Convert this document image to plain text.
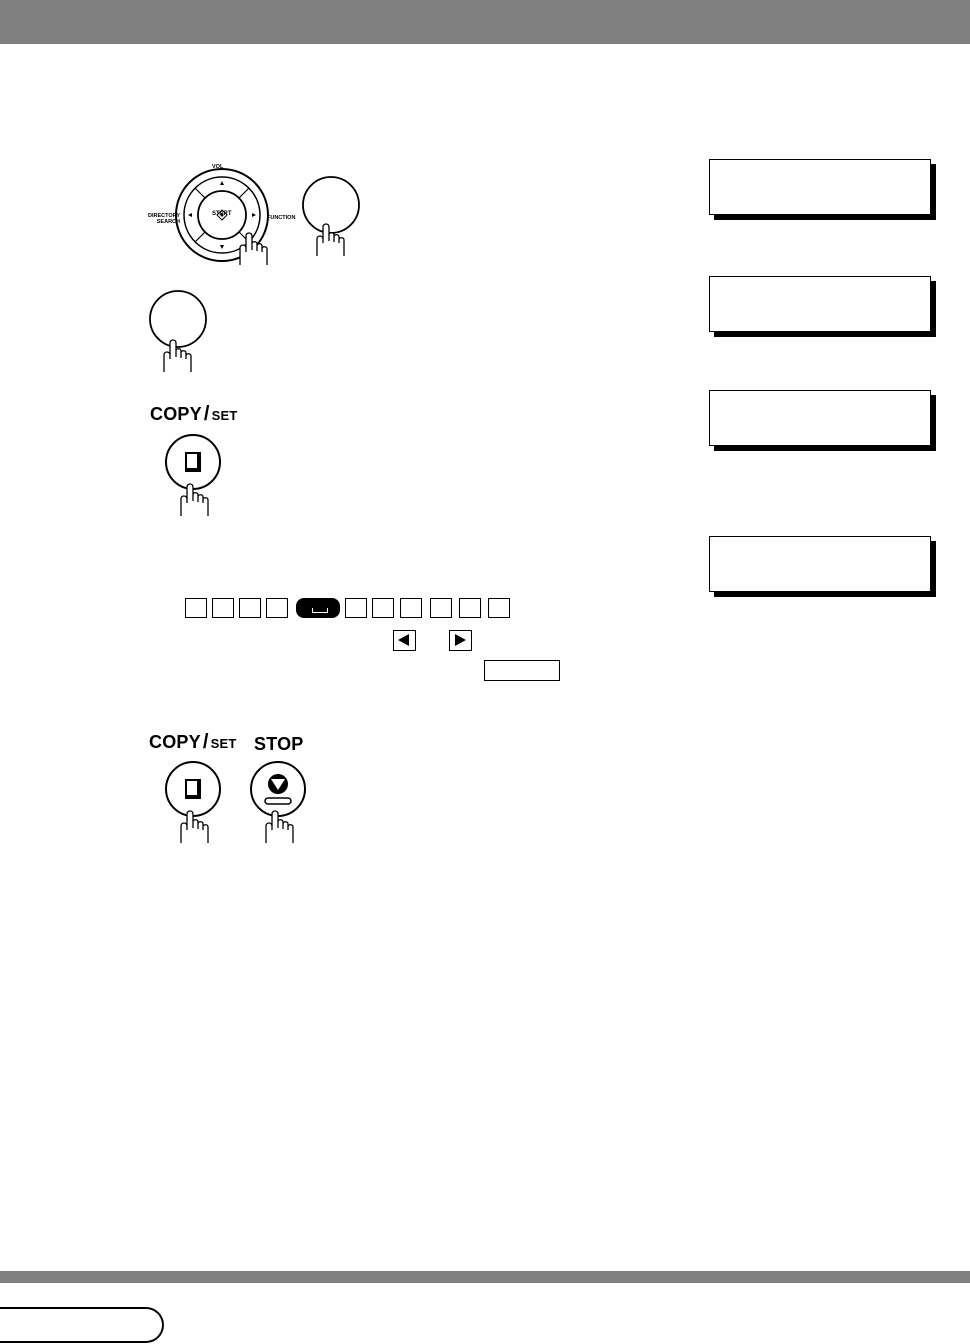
VOL
START
DIRECTORY
SEARCH
FUNCTION
COPY / SET
COPY / SET STOP
